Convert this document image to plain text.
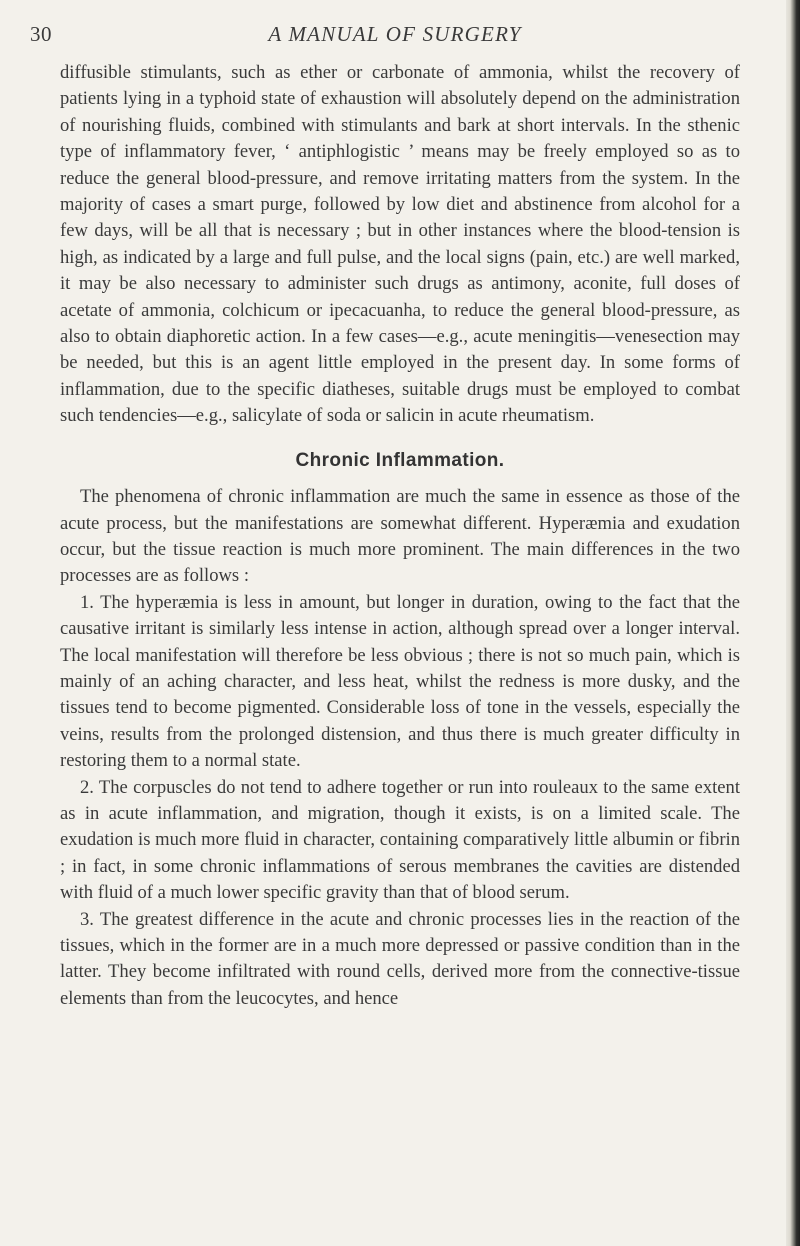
30	A MANUAL OF SURGERY

diffusible stimulants, such as ether or carbonate of ammonia, whilst the recovery of patients lying in a typhoid state of exhaustion will absolutely depend on the administration of nourishing fluids, combined with stimulants and bark at short intervals. In the sthenic type of inflammatory fever, ‘ antiphlogistic ’ means may be freely employed so as to reduce the general blood-pressure, and remove irritating matters from the system. In the majority of cases a smart purge, followed by low diet and abstinence from alcohol for a few days, will be all that is necessary ; but in other instances where the blood-tension is high, as indicated by a large and full pulse, and the local signs (pain, etc.) are well marked, it may be also necessary to administer such drugs as antimony, aconite, full doses of acetate of ammonia, colchicum or ipecacuanha, to reduce the general blood-pressure, as also to obtain diaphoretic action. In a few cases—e.g., acute meningitis—venesection may be needed, but this is an agent little employed in the present day. In some forms of inflammation, due to the specific diatheses, suitable drugs must be employed to combat such tendencies—e.g., salicylate of soda or salicin in acute rheumatism.

Chronic Inflammation.

The phenomena of chronic inflammation are much the same in essence as those of the acute process, but the manifestations are somewhat different. Hyperæmia and exudation occur, but the tissue reaction is much more prominent. The main differences in the two processes are as follows :

1. The hyperæmia is less in amount, but longer in duration, owing to the fact that the causative irritant is similarly less intense in action, although spread over a longer interval. The local manifestation will therefore be less obvious ; there is not so much pain, which is mainly of an aching character, and less heat, whilst the redness is more dusky, and the tissues tend to become pigmented. Considerable loss of tone in the vessels, especially the veins, results from the prolonged distension, and thus there is much greater difficulty in restoring them to a normal state.

2. The corpuscles do not tend to adhere together or run into rouleaux to the same extent as in acute inflammation, and migration, though it exists, is on a limited scale. The exudation is much more fluid in character, containing comparatively little albumin or fibrin ; in fact, in some chronic inflammations of serous membranes the cavities are distended with fluid of a much lower specific gravity than that of blood serum.

3. The greatest difference in the acute and chronic processes lies in the reaction of the tissues, which in the former are in a much more depressed or passive condition than in the latter. They become infiltrated with round cells, derived more from the connective-tissue elements than from the leucocytes, and hence
